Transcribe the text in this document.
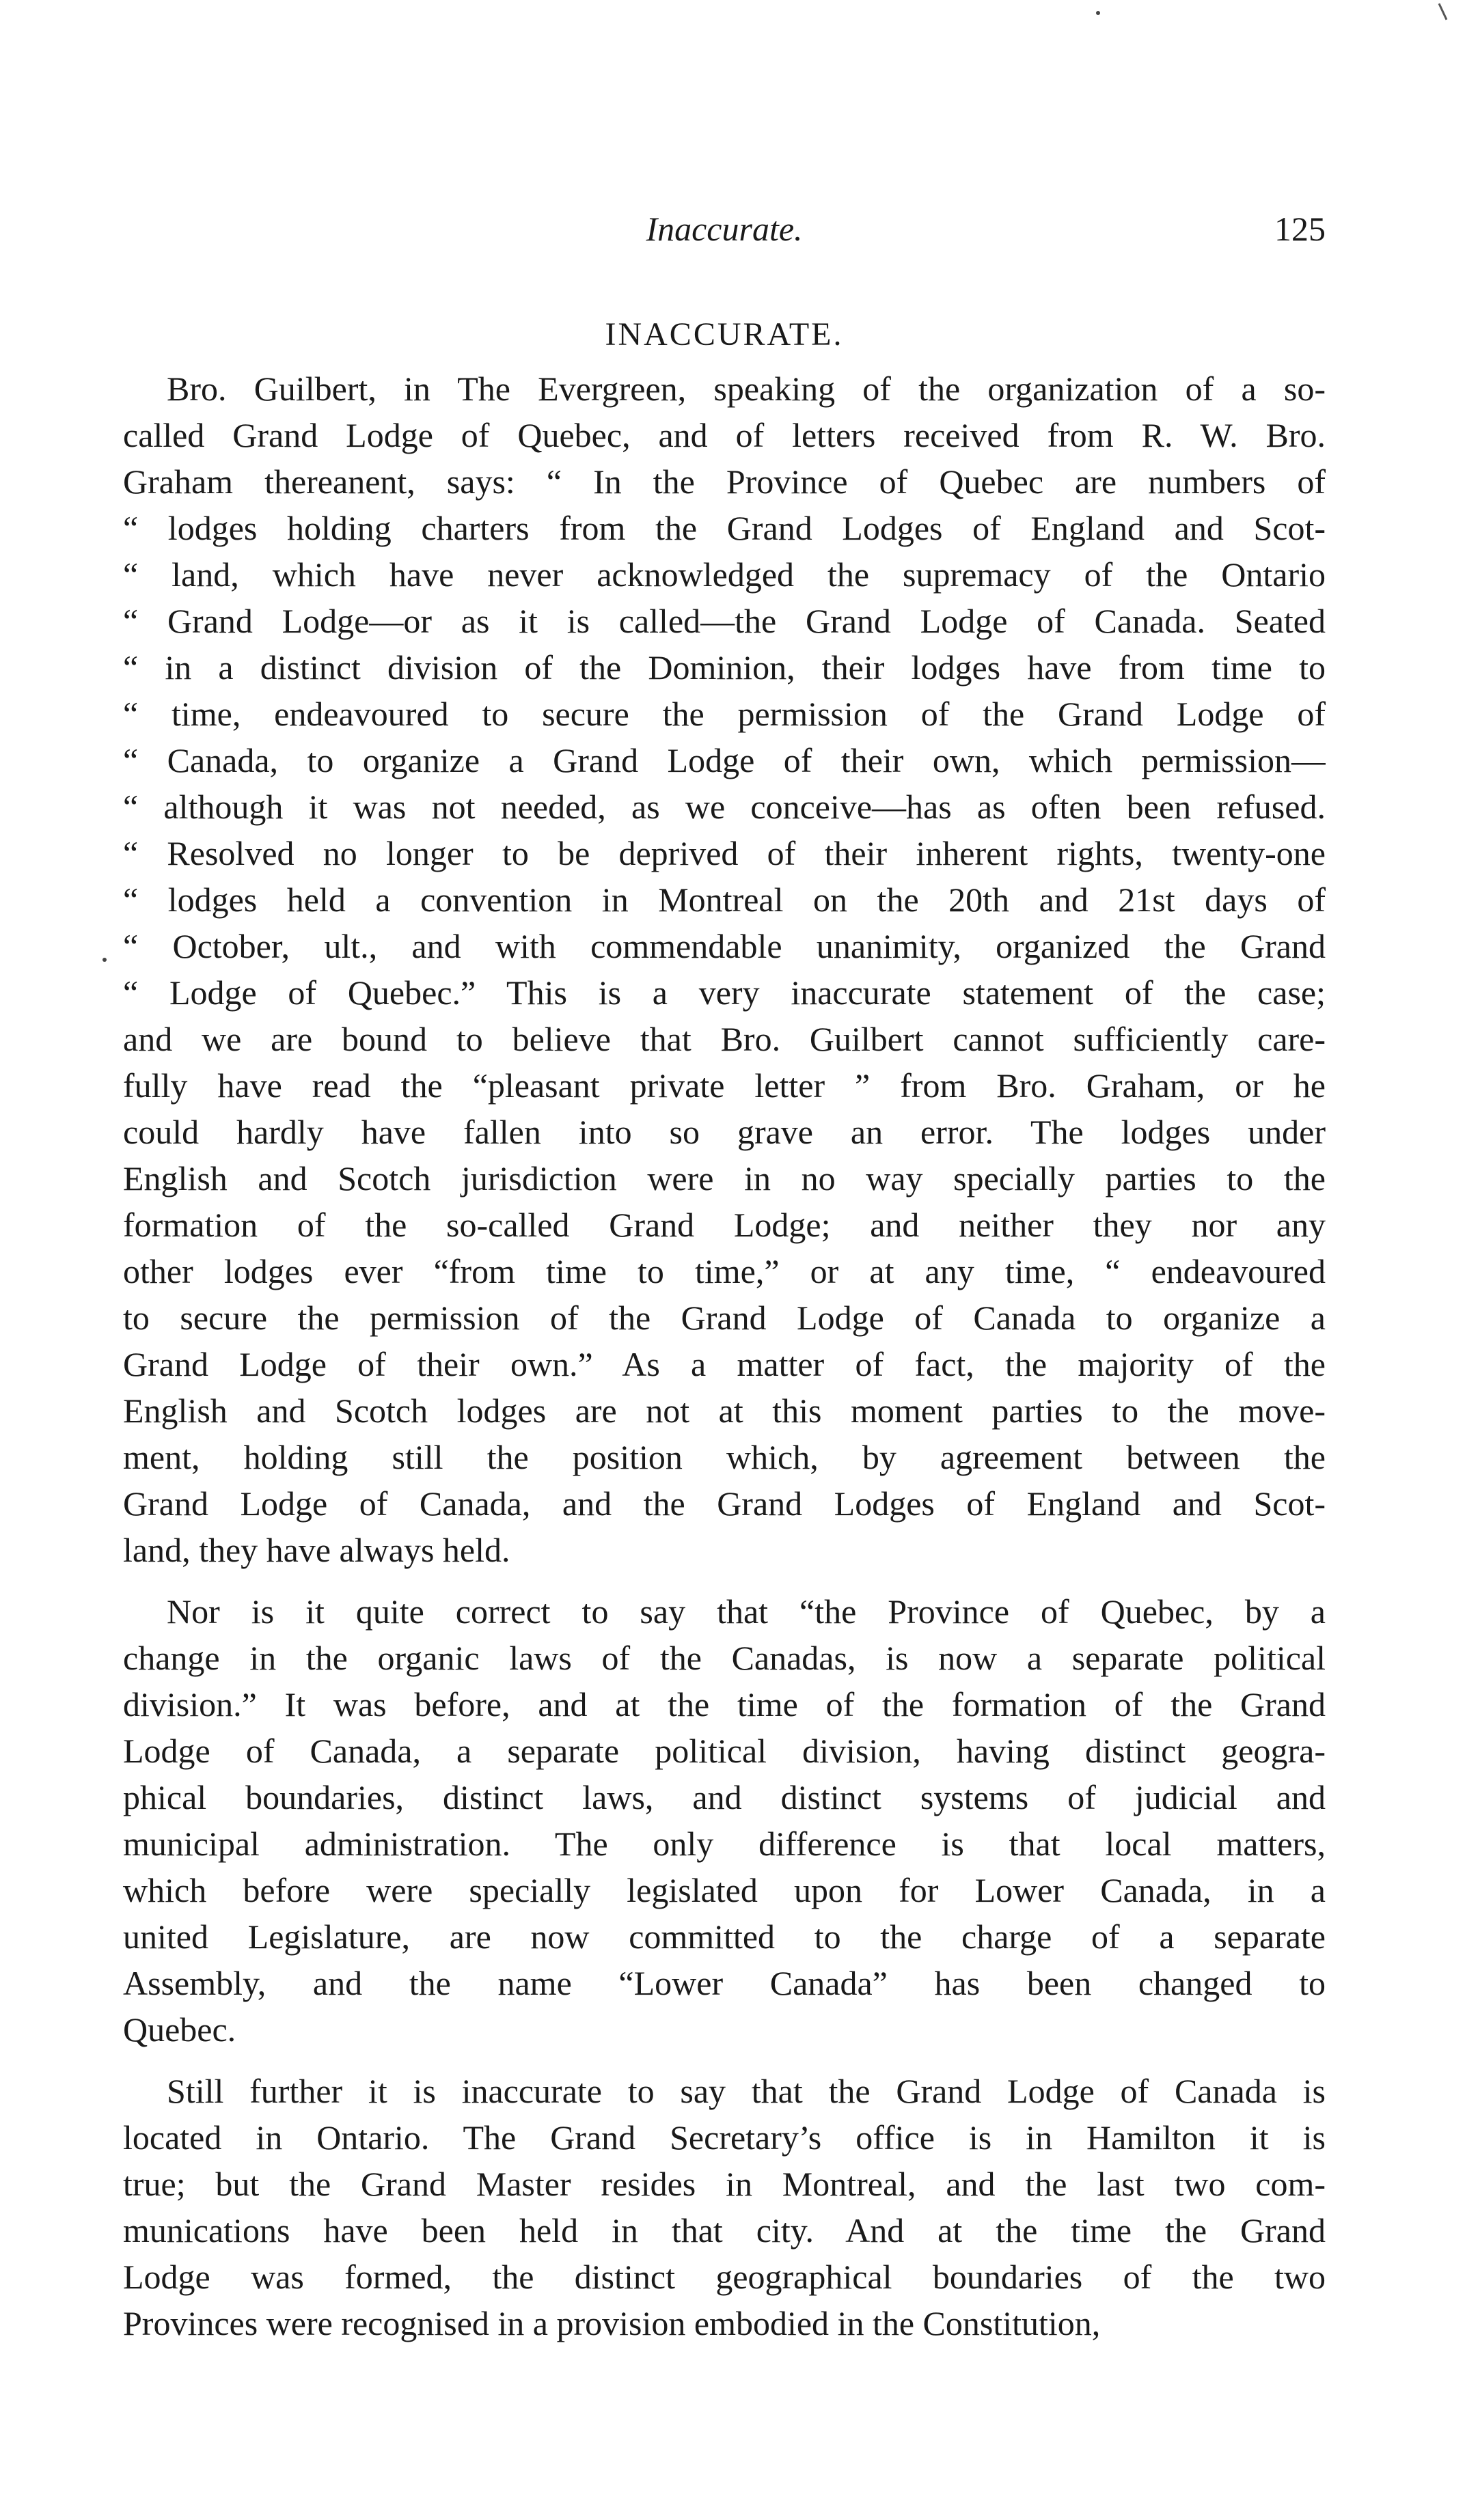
Inaccurate.	125
INACCURATE.
Bro. Guilbert, in The Evergreen, speaking of the organization of a so-
called Grand Lodge of Quebec, and of letters received from R. W. Bro.
Graham thereanent, says: “ In the Province of Quebec are numbers of
“ lodges holding charters from the Grand Lodges of England and Scot-
“ land, which have never acknowledged the supremacy of the Ontario
“ Grand Lodge—or as it is called—the Grand Lodge of Canada. Seated
“ in a distinct division of the Dominion, their lodges have from time to
“ time, endeavoured to secure the permission of the Grand Lodge of
“ Canada, to organize a Grand Lodge of their own, which permission—
“ although it was not needed, as we conceive—has as often been refused.
“ Resolved no longer to be deprived of their inherent rights, twenty-one
“ lodges held a convention in Montreal on the 20th and 21st days of
“ October, ult., and with commendable unanimity, organized the Grand
“ Lodge of Quebec.” This is a very inaccurate statement of the case;
and we are bound to believe that Bro. Guilbert cannot sufficiently care-
fully have read the “pleasant private letter ” from Bro. Graham, or he
could hardly have fallen into so grave an error. The lodges under
English and Scotch jurisdiction were in no way specially parties to the
formation of the so-called Grand Lodge; and neither they nor any
other lodges ever “from time to time,” or at any time, “ endeavoured
to secure the permission of the Grand Lodge of Canada to organize a
Grand Lodge of their own.” As a matter of fact, the majority of the
English and Scotch lodges are not at this moment parties to the move-
ment, holding still the position which, by agreement between the
Grand Lodge of Canada, and the Grand Lodges of England and Scot-
land, they have always held.
Nor is it quite correct to say that “the Province of Quebec, by a
change in the organic laws of the Canadas, is now a separate political
division.” It was before, and at the time of the formation of the Grand
Lodge of Canada, a separate political division, having distinct geogra-
phical boundaries, distinct laws, and distinct systems of judicial and
municipal administration. The only difference is that local matters,
which before were specially legislated upon for Lower Canada, in a
united Legislature, are now committed to the charge of a separate
Assembly, and the name “Lower Canada” has been changed to
Quebec.
Still further it is inaccurate to say that the Grand Lodge of Canada is
located in Ontario. The Grand Secretary’s office is in Hamilton it is
true; but the Grand Master resides in Montreal, and the last two com-
munications have been held in that city. And at the time the Grand
Lodge was formed, the distinct geographical boundaries of the two
Provinces were recognised in a provision embodied in the Constitution,
